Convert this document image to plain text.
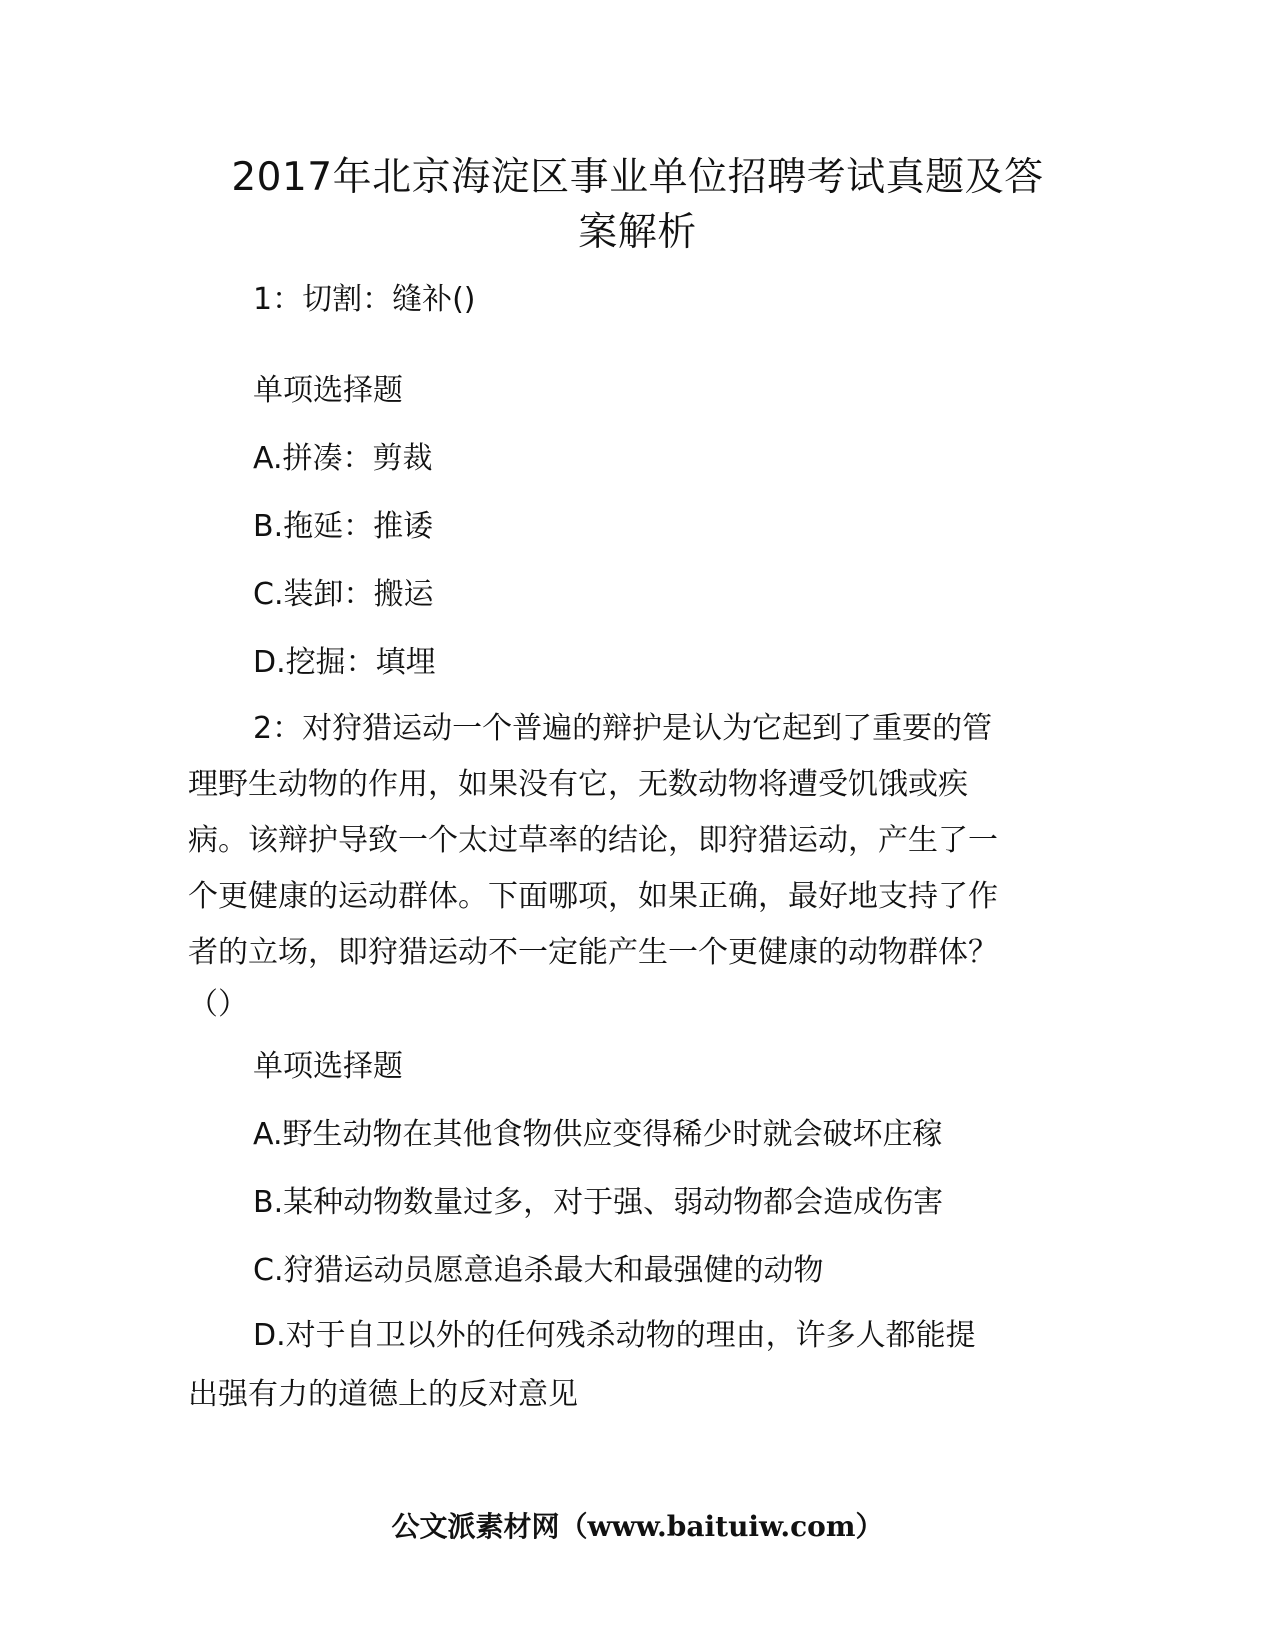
2017年北京海淀区事业单位招聘考试真题及答
案解析
1：切割：缝补()
单项选择题
A.拼凑：剪裁
B.拖延：推诿
C.装卸：搬运
D.挖掘：填埋
2：对狩猎运动一个普遍的辩护是认为它起到了重要的管
理野生动物的作用，如果没有它，无数动物将遭受饥饿或疾
病。该辩护导致一个太过草率的结论，即狩猎运动，产生了一
个更健康的运动群体。下面哪项，如果正确，最好地支持了作
者的立场，即狩猎运动不一定能产生一个更健康的动物群体？
（）
单项选择题
A.野生动物在其他食物供应变得稀少时就会破坏庄稼
B.某种动物数量过多，对于强、弱动物都会造成伤害
C.狩猎运动员愿意追杀最大和最强健的动物
D.对于自卫以外的任何残杀动物的理由，许多人都能提
出强有力的道德上的反对意见
公文派素材网（www.baituiw.com）
